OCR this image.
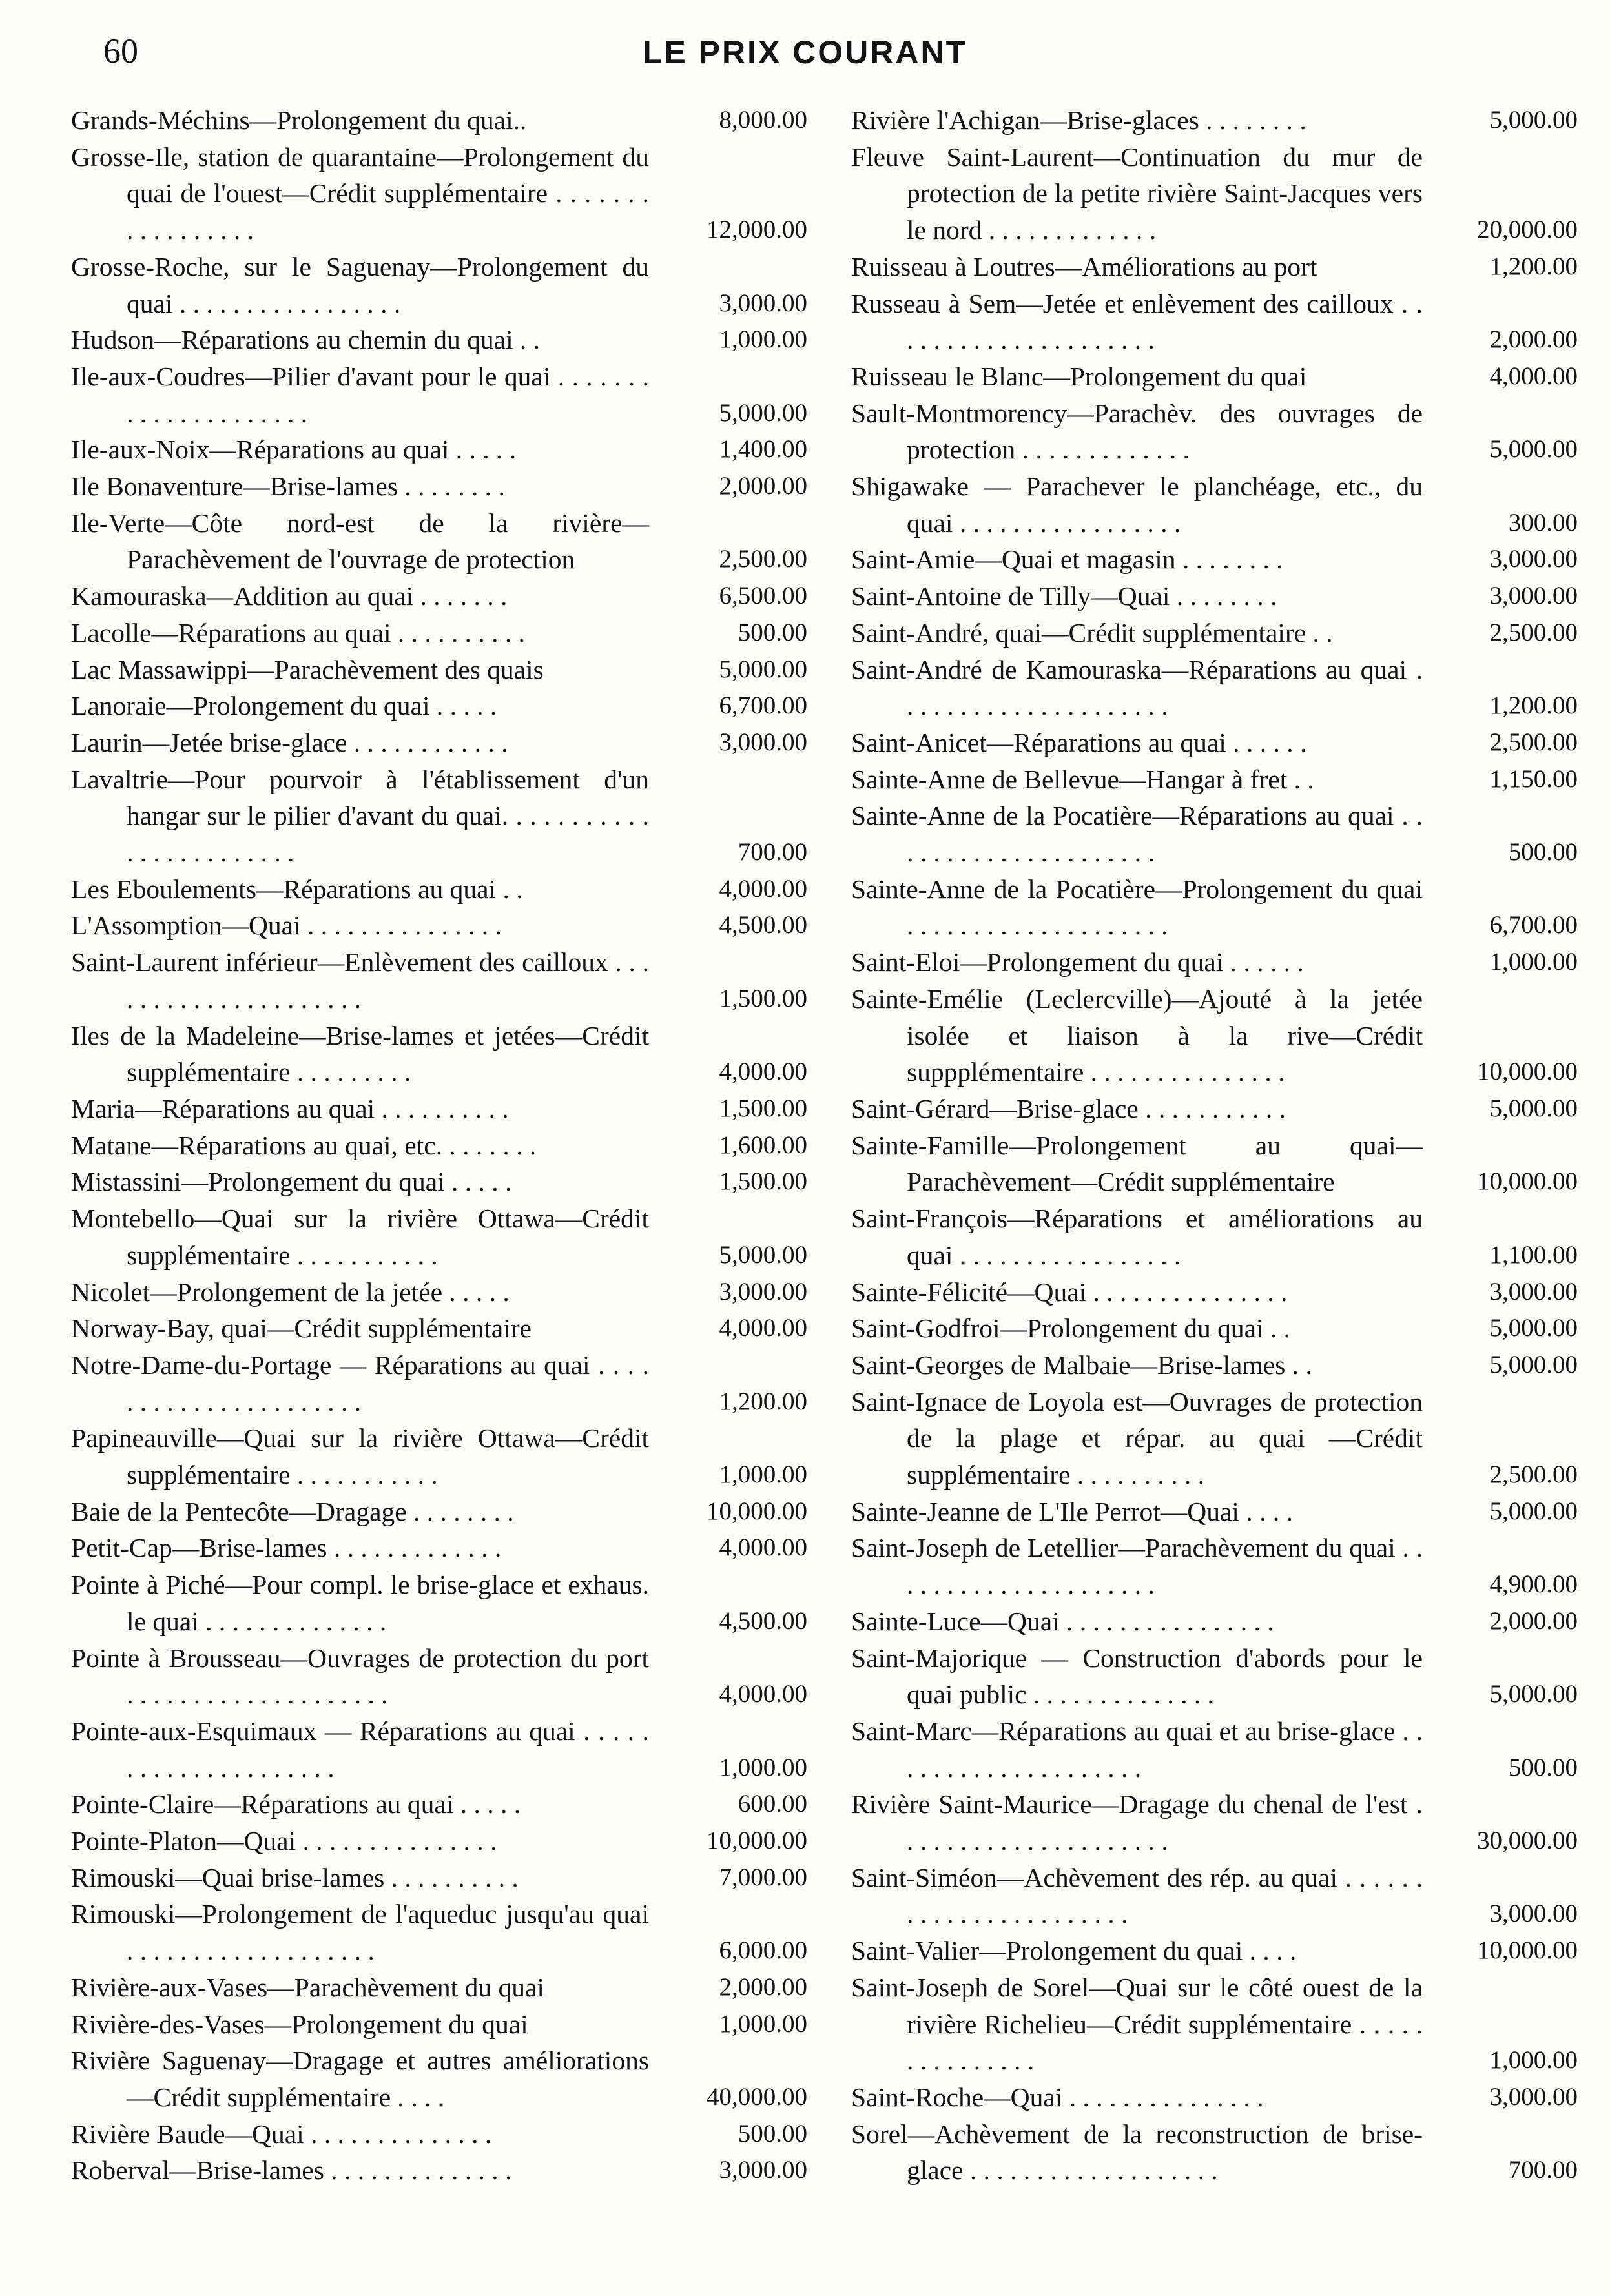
60	LE PRIX COURANT
Grands-Méchins—Prolongement du quai..	8,000.00
Grosse-Ile, station de quarantaine—Prolongement du quai de l'ouest—Crédit supplémentaire . . . . . . . . . . . . . . . . .	12,000.00
Grosse-Roche, sur le Saguenay—Prolongement du quai . . . . . . . . . . . . . . . . .	3,000.00
Hudson—Réparations au chemin du quai . .	1,000.00
Ile-aux-Coudres—Pilier d'avant pour le quai . . . . . . . . . . . . . . . . . . . . .	5,000.00
Ile-aux-Noix—Réparations au quai . . . . .	1,400.00
Ile Bonaventure—Brise-lames . . . . . . . .	2,000.00
Ile-Verte—Côte nord-est de la rivière—Parachèvement de l'ouvrage de protection	2,500.00
Kamouraska—Addition au quai . . . . . . .	6,500.00
Lacolle—Réparations au quai . . . . . . . . . .	500.00
Lac Massawippi—Parachèvement des quais	5,000.00
Lanoraie—Prolongement du quai . . . . .	6,700.00
Laurin—Jetée brise-glace . . . . . . . . . . . .	3,000.00
Lavaltrie—Pour pourvoir à l'établissement d'un hangar sur le pilier d'avant du quai. . . . . . . . . . . . . . . . . . . . . . . .	700.00
Les Eboulements—Réparations au quai . .	4,000.00
L'Assomption—Quai . . . . . . . . . . . . . . .	4,500.00
Saint-Laurent inférieur—Enlèvement des cailloux . . . . . . . . . . . . . . . . . . . . .	1,500.00
Iles de la Madeleine—Brise-lames et jetées—Crédit supplémentaire . . . . . . . . .	4,000.00
Maria—Réparations au quai . . . . . . . . . .	1,500.00
Matane—Réparations au quai, etc. . . . . . . .	1,600.00
Mistassini—Prolongement du quai . . . . .	1,500.00
Montebello—Quai sur la rivière Ottawa—Crédit supplémentaire . . . . . . . . . . .	5,000.00
Nicolet—Prolongement de la jetée . . . . .	3,000.00
Norway-Bay, quai—Crédit supplémentaire	4,000.00
Notre-Dame-du-Portage — Réparations au quai . . . . . . . . . . . . . . . . . . . . . .	1,200.00
Papineauville—Quai sur la rivière Ottawa—Crédit supplémentaire . . . . . . . . . . .	1,000.00
Baie de la Pentecôte—Dragage . . . . . . . .	10,000.00
Petit-Cap—Brise-lames . . . . . . . . . . . . .	4,000.00
Pointe à Piché—Pour compl. le brise-glace et exhaus. le quai . . . . . . . . . . . . . .	4,500.00
Pointe à Brousseau—Ouvrages de protection du port . . . . . . . . . . . . . . . . . . . .	4,000.00
Pointe-aux-Esquimaux — Réparations au quai . . . . . . . . . . . . . . . . . . . . .	1,000.00
Pointe-Claire—Réparations au quai . . . . .	600.00
Pointe-Platon—Quai . . . . . . . . . . . . . . .	10,000.00
Rimouski—Quai brise-lames . . . . . . . . . .	7,000.00
Rimouski—Prolongement de l'aqueduc jusqu'au quai . . . . . . . . . . . . . . . . . . .	6,000.00
Rivière-aux-Vases—Parachèvement du quai	2,000.00
Rivière-des-Vases—Prolongement du quai	1,000.00
Rivière Saguenay—Dragage et autres améliorations—Crédit supplémentaire . . . .	40,000.00
Rivière Baude—Quai . . . . . . . . . . . . . .	500.00
Roberval—Brise-lames . . . . . . . . . . . . . .	3,000.00
Rivière l'Achigan—Brise-glaces . . . . . . . .	5,000.00
Fleuve Saint-Laurent—Continuation du mur de protection de la petite rivière Saint-Jacques vers le nord . . . . . . . . . . . . .	20,000.00
Ruisseau à Loutres—Améliorations au port	1,200.00
Russeau à Sem—Jetée et enlèvement des cailloux . . . . . . . . . . . . . . . . . . . . .	2,000.00
Ruisseau le Blanc—Prolongement du quai	4,000.00
Sault-Montmorency—Parachèv. des ouvrages de protection . . . . . . . . . . . . .	5,000.00
Shigawake — Parachever le planchéage, etc., du quai . . . . . . . . . . . . . . . . .	300.00
Saint-Amie—Quai et magasin . . . . . . . .	3,000.00
Saint-Antoine de Tilly—Quai . . . . . . . .	3,000.00
Saint-André, quai—Crédit supplémentaire . .	2,500.00
Saint-André de Kamouraska—Réparations au quai . . . . . . . . . . . . . . . . . . . . .	1,200.00
Saint-Anicet—Réparations au quai . . . . . .	2,500.00
Sainte-Anne de Bellevue—Hangar à fret . .	1,150.00
Sainte-Anne de la Pocatière—Réparations au quai . . . . . . . . . . . . . . . . . . . . .	500.00
Sainte-Anne de la Pocatière—Prolongement du quai . . . . . . . . . . . . . . . . . . . .	6,700.00
Saint-Eloi—Prolongement du quai . . . . . .	1,000.00
Sainte-Emélie (Leclercville)—Ajouté à la jetée isolée et liaison à la rive—Crédit suppplémentaire . . . . . . . . . . . . . . .	10,000.00
Saint-Gérard—Brise-glace . . . . . . . . . . .	5,000.00
Sainte-Famille—Prolongement au quai—Parachèvement—Crédit supplémentaire	10,000.00
Saint-François—Réparations et améliorations au quai . . . . . . . . . . . . . . . . .	1,100.00
Sainte-Félicité—Quai . . . . . . . . . . . . . . .	3,000.00
Saint-Godfroi—Prolongement du quai . .	5,000.00
Saint-Georges de Malbaie—Brise-lames . .	5,000.00
Saint-Ignace de Loyola est—Ouvrages de protection de la plage et répar. au quai —Crédit supplémentaire . . . . . . . . . .	2,500.00
Sainte-Jeanne de L'Ile Perrot—Quai . . . .	5,000.00
Saint-Joseph de Letellier—Parachèvement du quai . . . . . . . . . . . . . . . . . . . . .	4,900.00
Sainte-Luce—Quai . . . . . . . . . . . . . . . .	2,000.00
Saint-Majorique — Construction d'abords pour le quai public . . . . . . . . . . . . . .	5,000.00
Saint-Marc—Réparations au quai et au brise-glace . . . . . . . . . . . . . . . . . . . .	500.00
Rivière Saint-Maurice—Dragage du chenal de l'est . . . . . . . . . . . . . . . . . . . . .	30,000.00
Saint-Siméon—Achèvement des rép. au quai . . . . . . . . . . . . . . . . . . . . . . .	3,000.00
Saint-Valier—Prolongement du quai . . . .	10,000.00
Saint-Joseph de Sorel—Quai sur le côté ouest de la rivière Richelieu—Crédit supplémentaire . . . . . . . . . . . . . . .	1,000.00
Saint-Roche—Quai . . . . . . . . . . . . . . .	3,000.00
Sorel—Achèvement de la reconstruction de brise-glace . . . . . . . . . . . . . . . . . . .	700.00
